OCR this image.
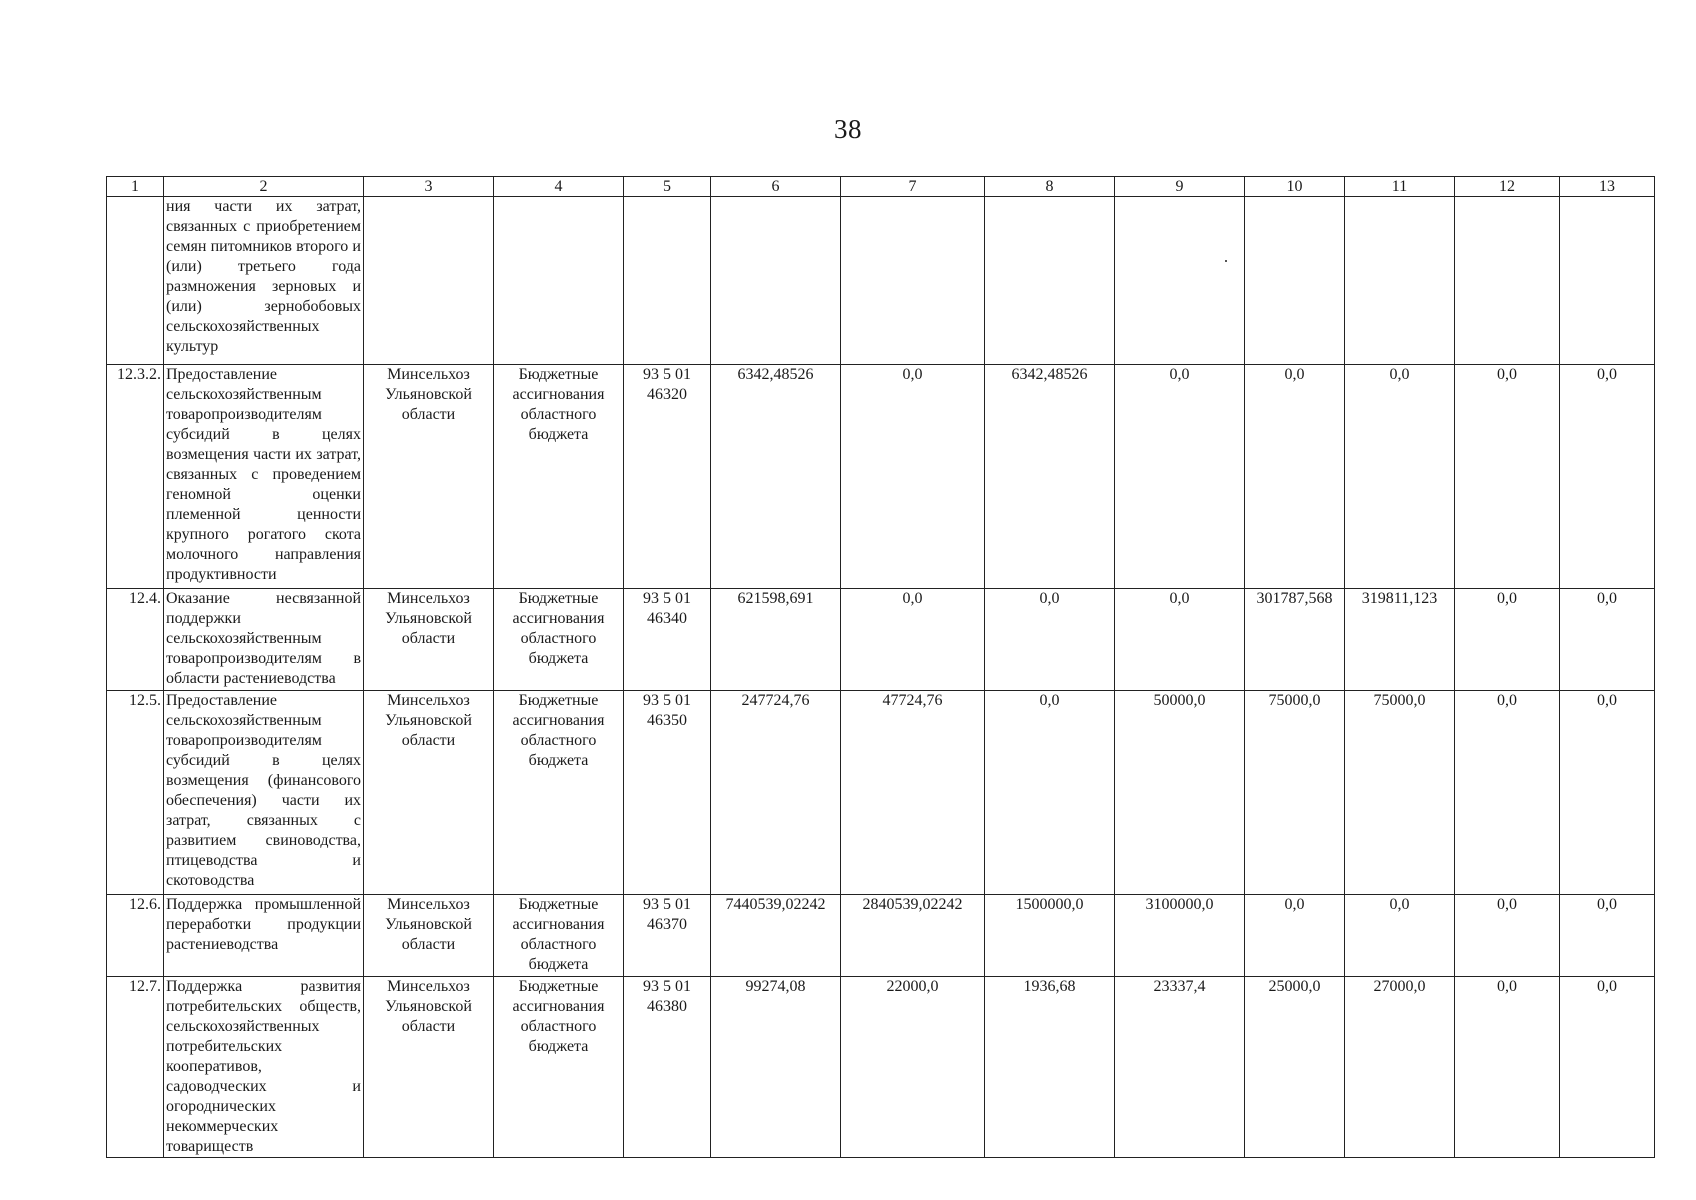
38
1	2	3	4	5	6	7	8	9	10	11	12	13
	ния части их затрат, связанных с приобретением семян питомников второго и (или) третьего года размножения зерновых и (или) зернобобовых сельскохозяйственных культур											
12.3.2.	Предоставление сельскохозяйственным товаропроизводителям субсидий в целях возмещения части их затрат, связанных с проведением геномной оценки племенной ценности крупного рогатого скота молочного направления продуктивности	Минсельхоз Ульяновской области	Бюджетные ассигнования областного бюджета	93 5 01 46320	6342,48526	0,0	6342,48526	0,0	0,0	0,0	0,0	0,0
12.4.	Оказание несвязанной поддержки сельскохозяйственным товаропроизводителям в области растениеводства	Минсельхоз Ульяновской области	Бюджетные ассигнования областного бюджета	93 5 01 46340	621598,691	0,0	0,0	0,0	301787,568	319811,123	0,0	0,0
12.5.	Предоставление сельскохозяйственным товаропроизводителям субсидий в целях возмещения (финансового обеспечения) части их затрат, связанных с развитием свиноводства, птицеводства и скотоводства	Минсельхоз Ульяновской области	Бюджетные ассигнования областного бюджета	93 5 01 46350	247724,76	47724,76	0,0	50000,0	75000,0	75000,0	0,0	0,0
12.6.	Поддержка промышленной переработки продукции растениеводства	Минсельхоз Ульяновской области	Бюджетные ассигнования областного бюджета	93 5 01 46370	7440539,02242	2840539,02242	1500000,0	3100000,0	0,0	0,0	0,0	0,0
12.7.	Поддержка развития потребительских обществ, сельскохозяйственных потребительских кооперативов, садоводческих и огороднических некоммерческих товариществ	Минсельхоз Ульяновской области	Бюджетные ассигнования областного бюджета	93 5 01 46380	99274,08	22000,0	1936,68	23337,4	25000,0	27000,0	0,0	0,0
